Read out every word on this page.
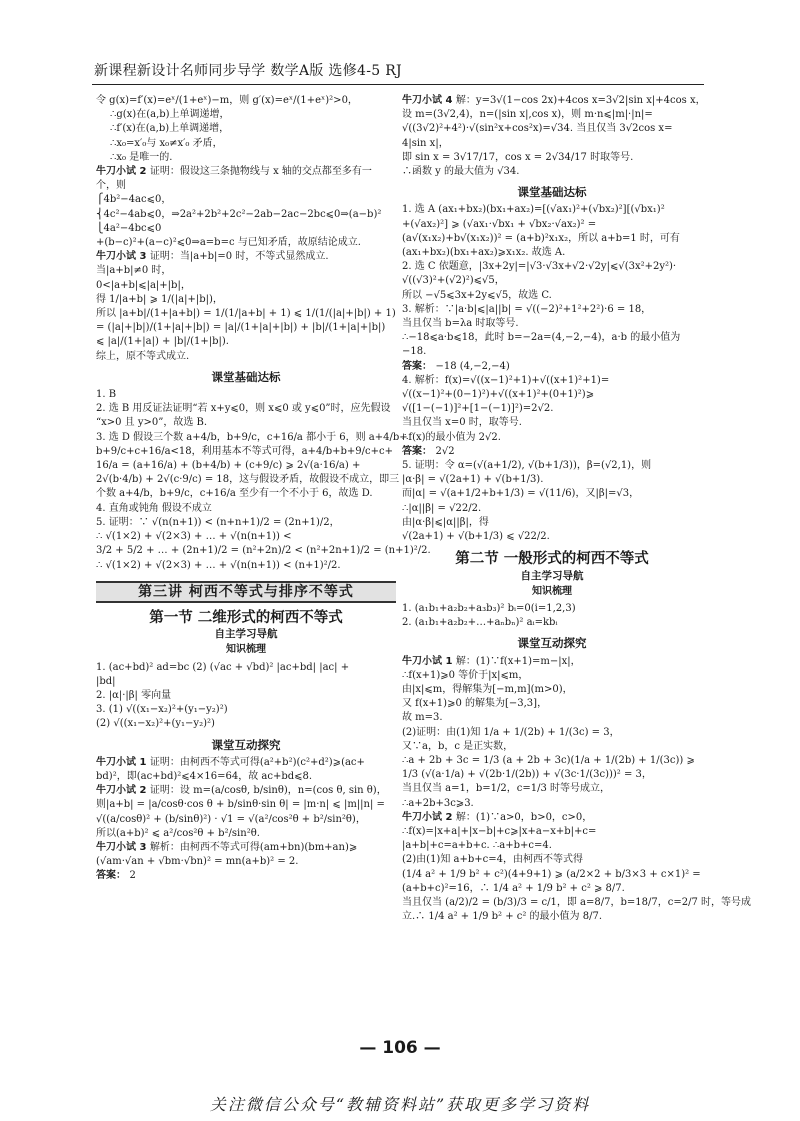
新课程新设计名师同步导学 数学A版 选修4-5 RJ
令 g(x)=f′(x)=eˣ/(1+eˣ)−m，则 g′(x)=eˣ/(1+eˣ)²>0，
∴g(x)在(a,b)上单调递增，
∴f′(x)在(a,b)上单调递增，
∴x₀=x′₀与 x₀≠x′₀ 矛盾，
∴x₀ 是唯一的.
牛刀小试 2 证明：假设这三条抛物线与 x 轴的交点都至多有一
个，则
⎧4b²−4ac⩽0，
⎨4c²−4ab⩽0，⇒2a²+2b²+2c²−2ab−2ac−2bc⩽0⇒(a−b)²
⎩4a²−4bc⩽0
+(b−c)²+(a−c)²⩽0⇒a=b=c 与已知矛盾，故原结论成立.
牛刀小试 3 证明：当|a+b|=0 时，不等式显然成立.
当|a+b|≠0 时，
0<|a+b|⩽|a|+|b|，
得 1/|a+b| ⩾ 1/(|a|+|b|)，
所以 |a+b|/(1+|a+b|) = 1/(1/|a+b| + 1) ⩽ 1/(1/(|a|+|b|) + 1)
= (|a|+|b|)/(1+|a|+|b|) = |a|/(1+|a|+|b|) + |b|/(1+|a|+|b|)
⩽ |a|/(1+|a|) + |b|/(1+|b|).
综上，原不等式成立.
课堂基础达标
1. B
2. 选 B 用反证法证明“若 x+y⩽0，则 x⩽0 或 y⩽0”时，应先假设
“x>0 且 y>0”，故选 B.
3. 选 D 假设三个数 a+4/b，b+9/c，c+16/a 都小于 6，则 a+4/b+
b+9/c+c+16/a<18，利用基本不等式可得，a+4/b+b+9/c+c+
16/a = (a+16/a) + (b+4/b) + (c+9/c) ⩾ 2√(a·16/a) +
2√(b·4/b) + 2√(c·9/c) = 18，这与假设矛盾，故假设不成立，即三
个数 a+4/b，b+9/c，c+16/a 至少有一个不小于 6，故选 D.
4. 直角或钝角 假设不成立
5. 证明：∵ √(n(n+1)) < (n+n+1)/2 = (2n+1)/2，
∴ √(1×2) + √(2×3) + … + √(n(n+1)) <
3/2 + 5/2 + … + (2n+1)/2 = (n²+2n)/2 < (n²+2n+1)/2 = (n+1)²/2.
∴ √(1×2) + √(2×3) + … + √(n(n+1)) < (n+1)²/2.
第三讲 柯西不等式与排序不等式
第一节 二维形式的柯西不等式
自主学习导航
知识梳理
1. (ac+bd)² ad=bc (2) (√ac + √bd)² |ac+bd| |ac| +
|bd|
2. |α|·|β| 零向量
3. (1) √((x₁−x₂)²+(y₁−y₂)²)
(2) √((x₁−x₂)²+(y₁−y₂)²)
课堂互动探究
牛刀小试 1 证明：由柯西不等式可得(a²+b²)(c²+d²)⩾(ac+
bd)²，即(ac+bd)²⩽4×16=64，故 ac+bd⩽8.
牛刀小试 2 证明：设 m=(a/cosθ, b/sinθ)，n=(cos θ, sin θ)，
则|a+b| = |a/cosθ·cos θ + b/sinθ·sin θ| = |m·n| ⩽ |m||n| =
√((a/cosθ)² + (b/sinθ)²) · √1 = √(a²/cos²θ + b²/sin²θ)，
所以(a+b)² ⩽ a²/cos²θ + b²/sin²θ.
牛刀小试 3 解析：由柯西不等式可得(am+bn)(bm+an)⩾
(√am·√an + √bm·√bn)² = mn(a+b)² = 2.
答案： 2
牛刀小试 4 解：y=3√(1−cos 2x)+4cos x=3√2|sin x|+4cos x，
设 m=(3√2,4)，n=(|sin x|,cos x)，则 m·n⩽|m|·|n|=
√((3√2)²+4²)·√(sin²x+cos²x)=√34. 当且仅当 3√2cos x=
4|sin x|，
即 sin x = 3√17/17，cos x = 2√34/17 时取等号.
∴函数 y 的最大值为 √34.
课堂基础达标
1. 选 A (ax₁+bx₂)(bx₁+ax₂)=[(√ax₁)²+(√bx₂)²][(√bx₁)²
+(√ax₂)²] ⩾ (√ax₁·√bx₁ + √bx₂·√ax₂)² =
(a√(x₁x₂)+b√(x₁x₂))² = (a+b)²x₁x₂，所以 a+b=1 时，可有
(ax₁+bx₂)(bx₁+ax₂)⩾x₁x₂. 故选 A.
2. 选 C 依题意，|3x+2y|=|√3·√3x+√2·√2y|⩽√(3x²+2y²)·
√((√3)²+(√2)²)⩽√5，
所以 −√5⩽3x+2y⩽√5，故选 C.
3. 解析：∵|a·b|⩽|a||b| = √((−2)²+1²+2²)·6 = 18，
当且仅当 b=λa 时取等号.
∴−18⩽a·b⩽18，此时 b=−2a=(4,−2,−4)，a·b 的最小值为
−18.
答案： −18 (4,−2,−4)
4. 解析：f(x)=√((x−1)²+1)+√((x+1)²+1)=
√((x−1)²+(0−1)²)+√((x+1)²+(0+1)²)⩾
√([1−(−1)]²+[1−(−1)]²)=2√2.
当且仅当 x=0 时，取等号.
∴f(x)的最小值为 2√2.
答案： 2√2
5. 证明：令 α=(√(a+1/2), √(b+1/3))，β=(√2,1)，则
|α·β| = √(2a+1) + √(b+1/3).
而|α| = √(a+1/2+b+1/3) = √(11/6)，又|β|=√3，
∴|α||β| = √22/2.
由|α·β|⩽|α||β|，得
√(2a+1) + √(b+1/3) ⩽ √22/2.
第二节 一般形式的柯西不等式
自主学习导航
知识梳理
1. (a₁b₁+a₂b₂+a₃b₃)² bᵢ=0(i=1,2,3)
2. (a₁b₁+a₂b₂+…+aₙbₙ)² aᵢ=kbᵢ
课堂互动探究
牛刀小试 1 解：(1)∵f(x+1)=m−|x|，
∴f(x+1)⩾0 等价于|x|⩽m，
由|x|⩽m，得解集为[−m,m](m>0)，
又 f(x+1)⩾0 的解集为[−3,3]，
故 m=3.
(2)证明：由(1)知 1/a + 1/(2b) + 1/(3c) = 3，
又∵a，b，c 是正实数，
∴a + 2b + 3c = 1/3 (a + 2b + 3c)(1/a + 1/(2b) + 1/(3c)) ⩾
1/3 (√(a·1/a) + √(2b·1/(2b)) + √(3c·1/(3c)))² = 3，
当且仅当 a=1，b=1/2，c=1/3 时等号成立，
∴a+2b+3c⩾3.
牛刀小试 2 解：(1)∵a>0，b>0，c>0，
∴f(x)=|x+a|+|x−b|+c⩾|x+a−x+b|+c=
|a+b|+c=a+b+c. ∴a+b+c=4.
(2)由(1)知 a+b+c=4，由柯西不等式得
(1/4 a² + 1/9 b² + c²)(4+9+1) ⩾ (a/2×2 + b/3×3 + c×1)² =
(a+b+c)²=16，∴ 1/4 a² + 1/9 b² + c² ⩾ 8/7.
当且仅当 (a/2)/2 = (b/3)/3 = c/1，即 a=8/7，b=18/7，c=2/7 时，等号成
立.∴ 1/4 a² + 1/9 b² + c² 的最小值为 8/7.
— 106 —
关注微信公众号“教辅资料站”获取更多学习资料
